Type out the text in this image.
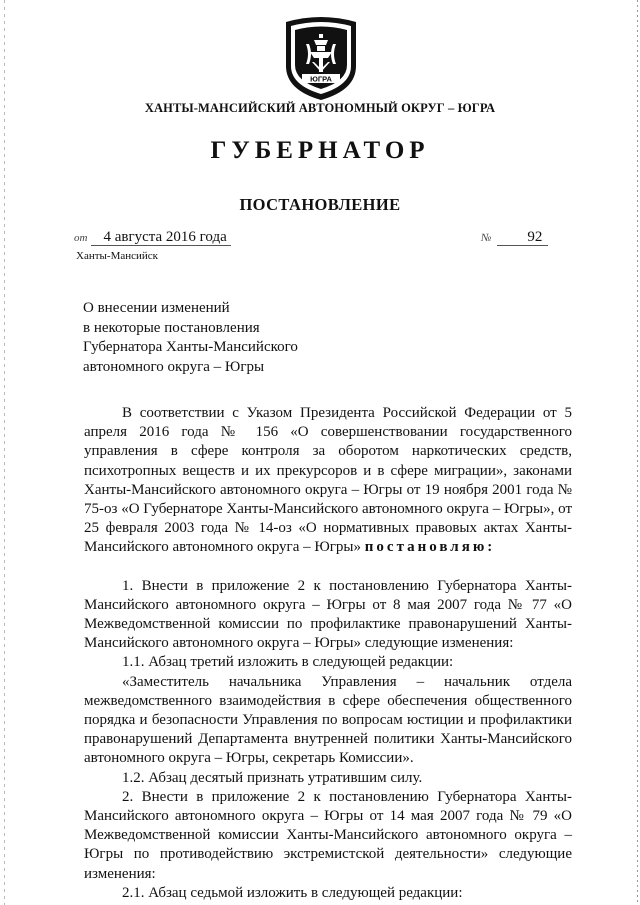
ЮГРА
ХАНТЫ-МАНСИЙСКИЙ АВТОНОМНЫЙ ОКРУГ – ЮГРА
ГУБЕРНАТОР
ПОСТАНОВЛЕНИЕ
от 4 августа 2016 года	№ 92
Ханты-Мансийск
О внесении изменений
в некоторые постановления
Губернатора Ханты-Мансийского
автономного округа – Югры

В соответствии с Указом Президента Российской Федерации от 5 апреля 2016 года № 156 «О совершенствовании государственного управления в сфере контроля за оборотом наркотических средств, психотропных веществ и их прекурсоров и в сфере миграции», законами Ханты-Мансийского автономного округа – Югры от 19 ноября 2001 года № 75-оз «О Губернаторе Ханты-Мансийского автономного округа – Югры», от 25 февраля 2003 года № 14-оз «О нормативных правовых актах Ханты-Мансийского автономного округа – Югры» постановляю:

1. Внести в приложение 2 к постановлению Губернатора Ханты-Мансийского автономного округа – Югры от 8 мая 2007 года № 77 «О Межведомственной комиссии по профилактике правонарушений Ханты-Мансийского автономного округа – Югры» следующие изменения:

1.1. Абзац третий изложить в следующей редакции:

«Заместитель начальника Управления – начальник отдела межведомственного взаимодействия в сфере обеспечения общественного порядка и безопасности Управления по вопросам юстиции и профилактики правонарушений Департамента внутренней политики Ханты-Мансийского автономного округа – Югры, секретарь Комиссии».

1.2. Абзац десятый признать утратившим силу.

2. Внести в приложение 2 к постановлению Губернатора Ханты-Мансийского автономного округа – Югры от 14 мая 2007 года № 79 «О Межведомственной комиссии Ханты-Мансийского автономного округа – Югры по противодействию экстремистской деятельности» следующие изменения:

2.1. Абзац седьмой изложить в следующей редакции:
